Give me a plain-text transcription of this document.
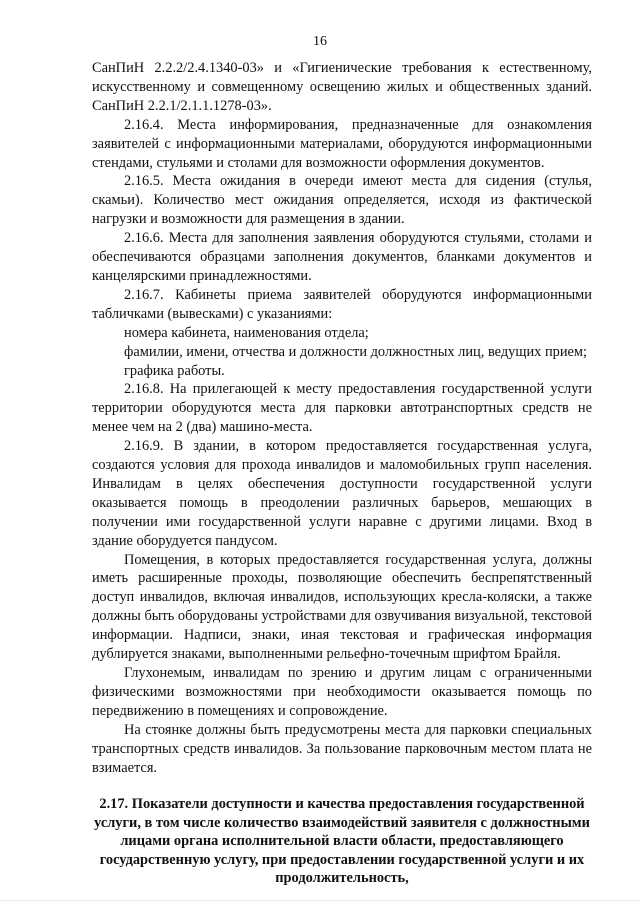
16

СанПиН 2.2.2/2.4.1340-03» и «Гигиенические требования к естественному, искусственному и совмещенному освещению жилых и общественных зданий. СанПиН 2.2.1/2.1.1.1278-03».

2.16.4. Места информирования, предназначенные для ознакомления заявителей с информационными материалами, оборудуются информационными стендами, стульями и столами для возможности оформления документов.

2.16.5. Места ожидания в очереди имеют места для сидения (стулья, скамьи). Количество мест ожидания определяется, исходя из фактической нагрузки и возможности для размещения в здании.

2.16.6. Места для заполнения заявления оборудуются стульями, столами и обеспечиваются образцами заполнения документов, бланками документов и канцелярскими принадлежностями.

2.16.7. Кабинеты приема заявителей оборудуются информационными табличками (вывесками) с указаниями:

номера кабинета, наименования отдела;

фамилии, имени, отчества и должности должностных лиц, ведущих прием;

графика работы.

2.16.8. На прилегающей к месту предоставления государственной услуги территории оборудуются места для парковки автотранспортных средств не менее чем на 2 (два) машино-места.

2.16.9. В здании, в котором предоставляется государственная услуга, создаются условия для прохода инвалидов и маломобильных групп населения. Инвалидам в целях обеспечения доступности государственной услуги оказывается помощь в преодолении различных барьеров, мешающих в получении ими государственной услуги наравне с другими лицами. Вход в здание оборудуется пандусом.

Помещения, в которых предоставляется государственная услуга, должны иметь расширенные проходы, позволяющие обеспечить беспрепятственный доступ инвалидов, включая инвалидов, использующих кресла-коляски, а также должны быть оборудованы устройствами для озвучивания визуальной, текстовой информации. Надписи, знаки, иная текстовая и графическая информация дублируется знаками, выполненными рельефно-точечным шрифтом Брайля.

Глухонемым, инвалидам по зрению и другим лицам с ограниченными физическими возможностями при необходимости оказывается помощь по передвижению в помещениях и сопровождение.

На стоянке должны быть предусмотрены места для парковки специальных транспортных средств инвалидов. За пользование парковочным местом плата не взимается.

2.17. Показатели доступности и качества предоставления государственной услуги, в том числе количество взаимодействий заявителя с должностными лицами органа исполнительной власти области, предоставляющего государственную услугу, при предоставлении государственной услуги и их продолжительность,
